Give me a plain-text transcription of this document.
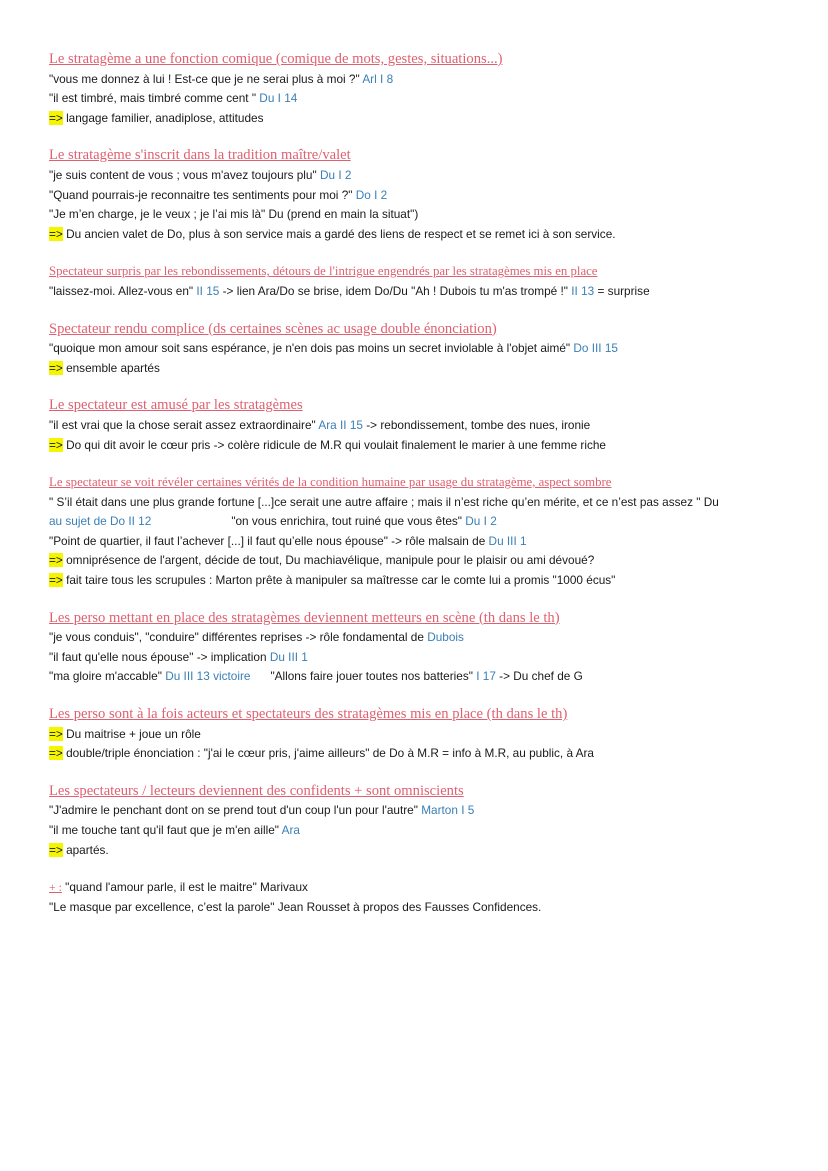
Le stratagème a une fonction comique (comique de mots, gestes, situations...)
"vous me donnez à lui ! Est-ce que je ne serai plus à moi ?" Arl I 8
"il est timbré, mais timbré comme cent " Du I 14
=> langage familier, anadiplose, attitudes
Le stratagème s'inscrit dans la tradition maître/valet
"je suis content de vous ; vous m'avez toujours plu" Du I 2
"Quand pourrais-je reconnaitre tes sentiments pour moi ?" Do I 2
"Je m’en charge, je le veux ; je l’ai mis là" Du (prend en main la situat")
=> Du ancien valet de Do, plus à son service mais a gardé des liens de respect et se remet ici à son service.
Spectateur surpris par les rebondissements, détours de l'intrigue engendrés par les stratagèmes mis en place
"laissez-moi. Allez-vous en" II 15 -> lien Ara/Do se brise, idem Do/Du "Ah ! Dubois tu m'as trompé !" II 13 = surprise
Spectateur rendu complice (ds certaines scènes ac usage double énonciation)
"quoique mon amour soit sans espérance, je n'en dois pas moins un secret inviolable à l'objet aimé" Do III 15
=> ensemble apartés
Le spectateur est amusé par les stratagèmes
"il est vrai que la chose serait assez extraordinaire" Ara II 15 -> rebondissement, tombe des nues, ironie
=> Do qui dit avoir le cœur pris -> colère ridicule de M.R qui voulait finalement le marier à une femme riche
Le spectateur se voit révéler certaines vérités de la condition humaine par usage du stratagème, aspect sombre
" S’il était dans une plus grande fortune [...]ce serait une autre affaire ; mais il n’est riche qu’en mérite, et ce n’est pas assez " Du
au sujet de Do II 12	"on vous enrichira, tout ruiné que vous êtes" Du I 2
"Point de quartier, il faut l’achever [...] il faut qu’elle nous épouse" -> rôle malsain de Du III 1
=> omniprésence de l'argent, décide de tout, Du machiavélique, manipule pour le plaisir ou ami dévoué?
=> fait taire tous les scrupules : Marton prête à manipuler sa maîtresse car le comte lui a promis "1000 écus"
Les perso mettant en place des stratagèmes deviennent metteurs en scène (th dans le th)
"je vous conduis", "conduire" différentes reprises -> rôle fondamental de Dubois
"il faut qu'elle nous épouse" -> implication Du III 1
"ma gloire m'accable" Du III 13 victoire "Allons faire jouer toutes nos batteries" I 17 -> Du chef de G
Les perso sont à la fois acteurs et spectateurs des stratagèmes mis en place (th dans le th)
=> Du maitrise + joue un rôle
=> double/triple énonciation : "j'ai le cœur pris, j'aime ailleurs" de Do à M.R = info à M.R, au public, à Ara
Les spectateurs / lecteurs deviennent des confidents + sont omniscients
"J'admire le penchant dont on se prend tout d'un coup l'un pour l'autre" Marton I 5
"il me touche tant qu'il faut que je m'en aille" Ara
=> apartés.
+ : "quand l'amour parle, il est le maitre" Marivaux
"Le masque par excellence, c’est la parole" Jean Rousset à propos des Fausses Confidences.
